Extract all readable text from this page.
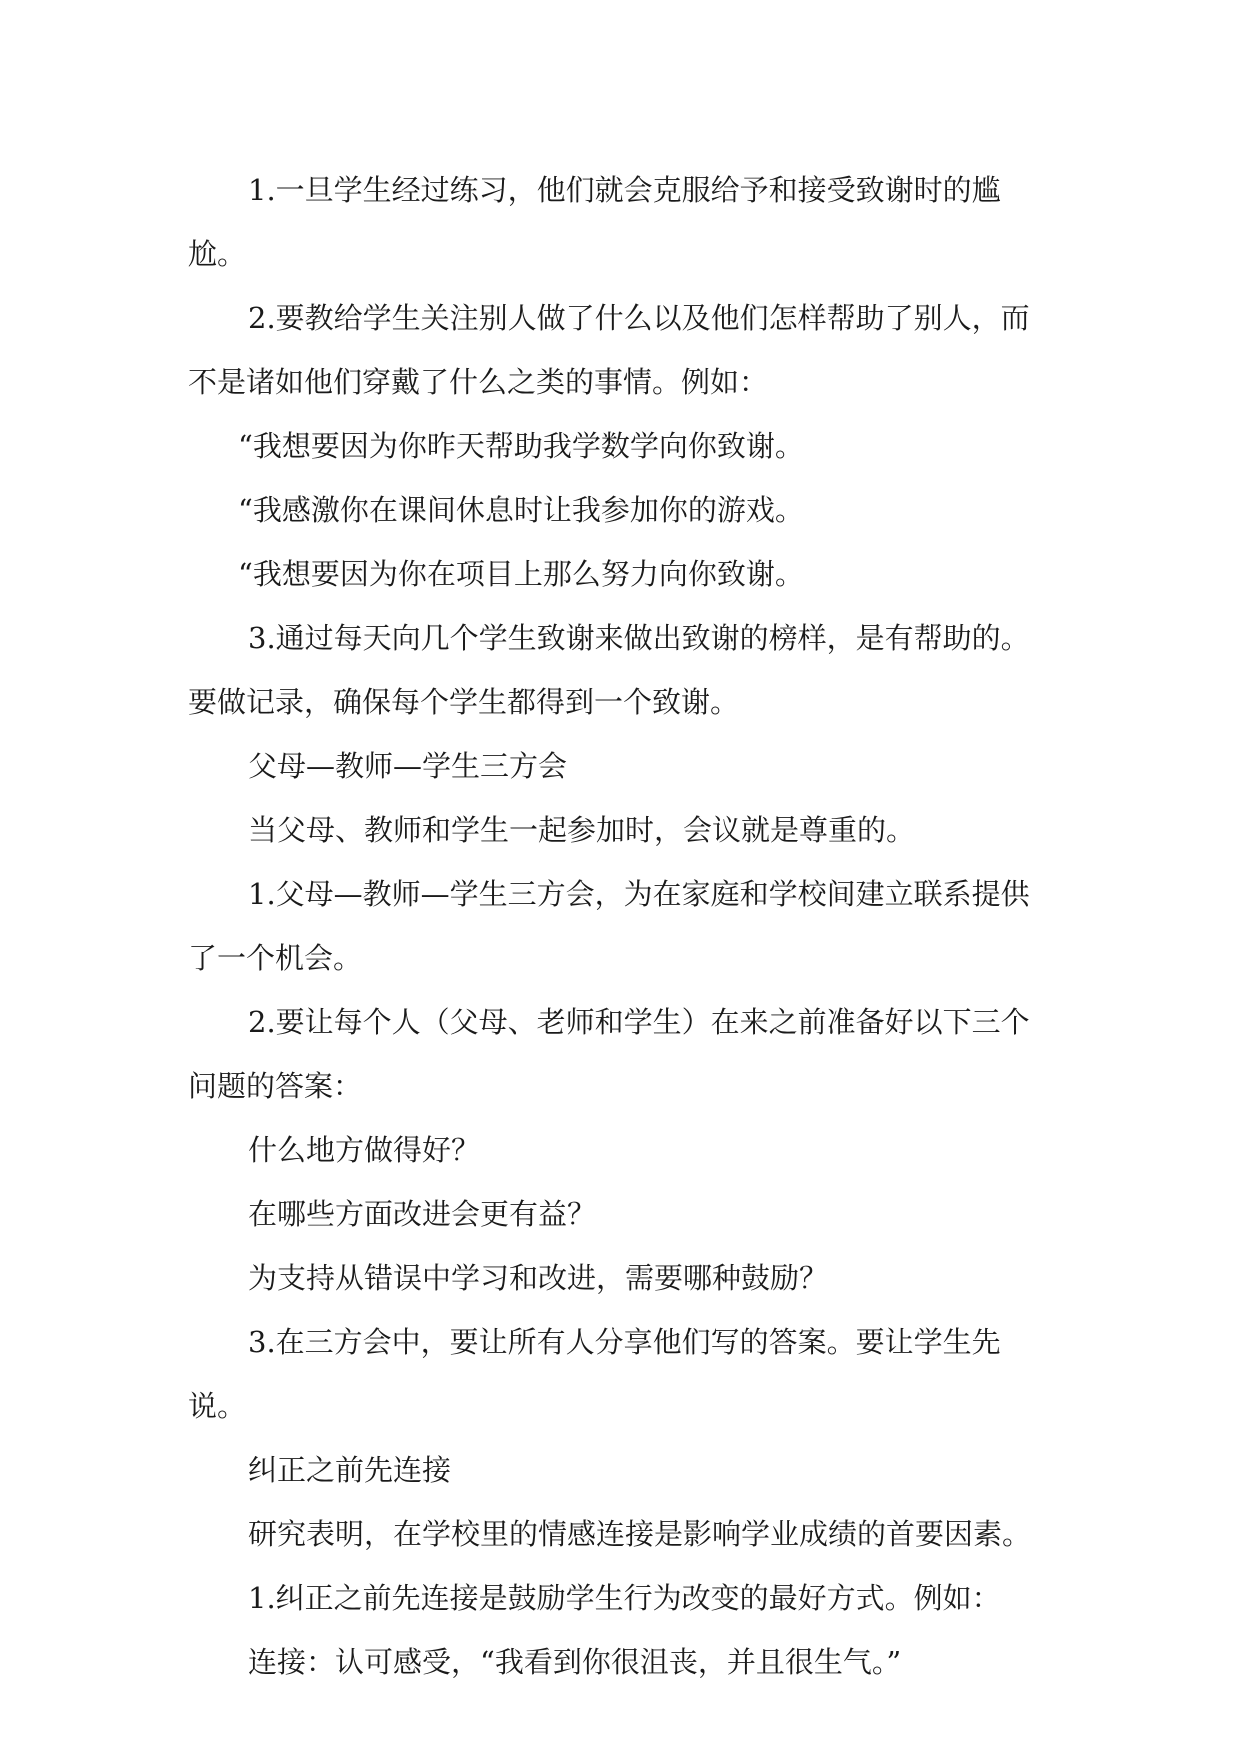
1.一旦学生经过练习，他们就会克服给予和接受致谢时的尴尬。

2.要教给学生关注别人做了什么以及他们怎样帮助了别人，而不是诸如他们穿戴了什么之类的事情。例如：

“我想要因为你昨天帮助我学数学向你致谢。

“我感激你在课间休息时让我参加你的游戏。

“我想要因为你在项目上那么努力向你致谢。

3.通过每天向几个学生致谢来做出致谢的榜样，是有帮助的。要做记录，确保每个学生都得到一个致谢。

父母—教师—学生三方会

当父母、教师和学生一起参加时，会议就是尊重的。

1.父母—教师—学生三方会，为在家庭和学校间建立联系提供了一个机会。

2.要让每个人（父母、老师和学生）在来之前准备好以下三个问题的答案：

什么地方做得好？

在哪些方面改进会更有益？

为支持从错误中学习和改进，需要哪种鼓励？

3.在三方会中，要让所有人分享他们写的答案。要让学生先说。

纠正之前先连接

研究表明，在学校里的情感连接是影响学业成绩的首要因素。

1.纠正之前先连接是鼓励学生行为改变的最好方式。例如：

连接：认可感受，“我看到你很沮丧，并且很生气。”
